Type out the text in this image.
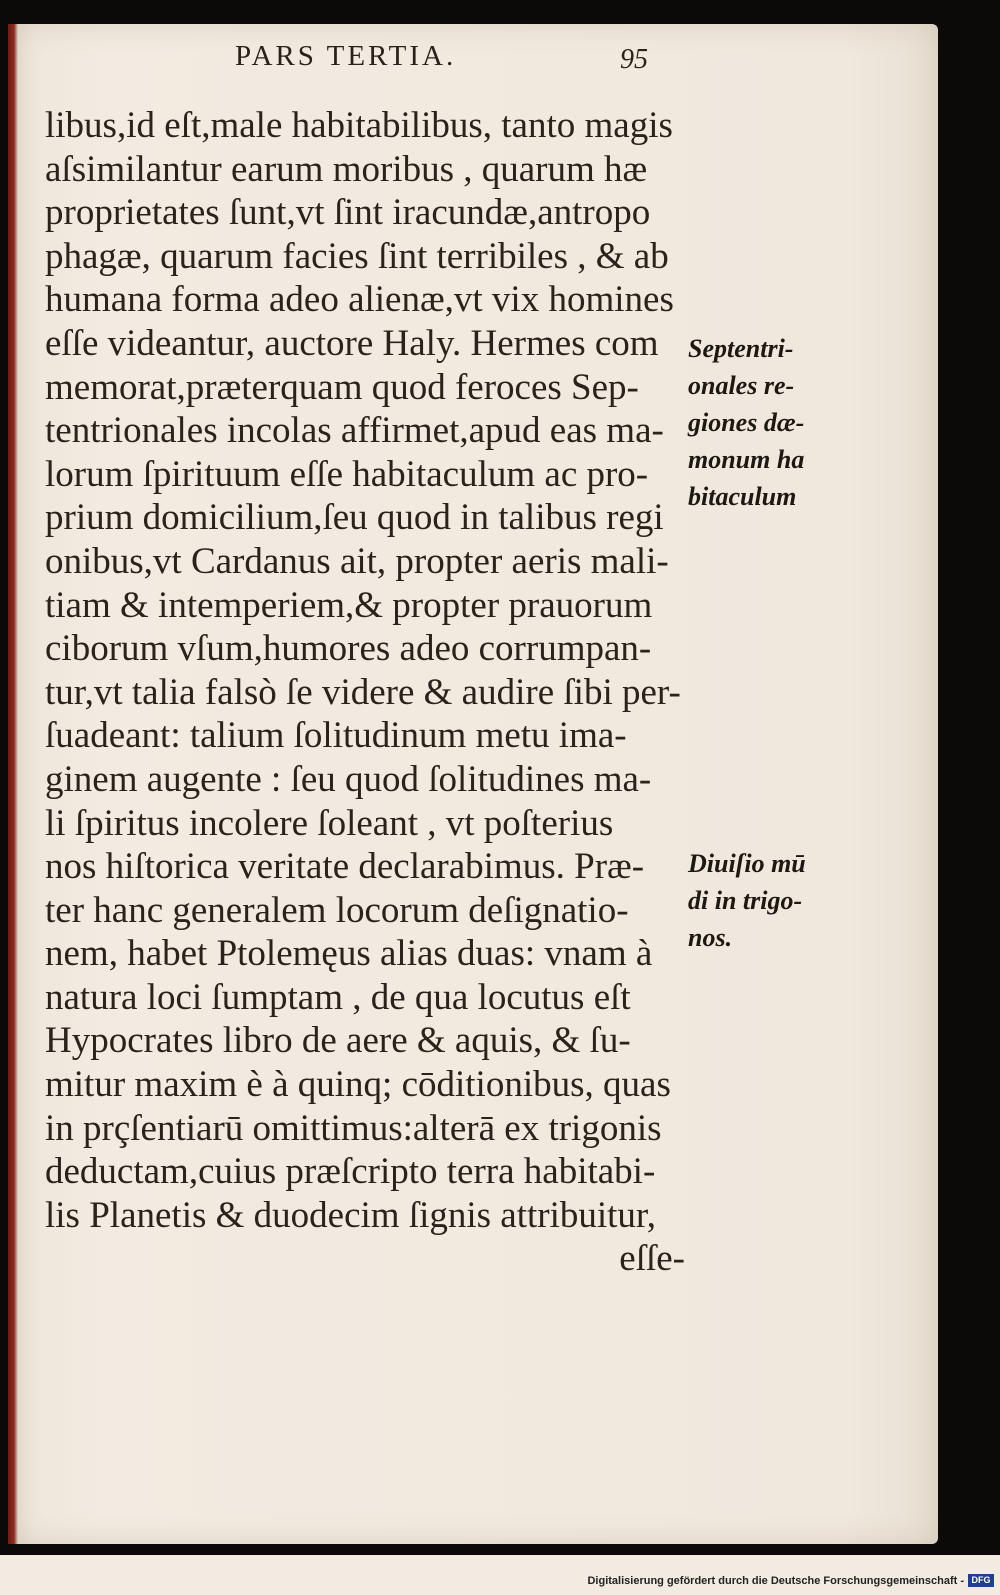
PARS TERTIA.	95
libus,id eſt,male habitabilibus, tanto magis
aſsimilantur earum moribus , quarum hæ
proprietates ſunt,vt ſint iracundæ,antropo
phagæ, quarum facies ſint terribiles , & ab
humana forma adeo alienæ,vt vix homines
eſſe videantur, auctore Haly. Hermes com
memorat,præterquam quod feroces Sep-
tentrionales incolas affirmet,apud eas ma-
lorum ſpirituum eſſe habitaculum ac pro-
prium domicilium,ſeu quod in talibus regi
onibus,vt Cardanus ait, propter aeris mali-
tiam & intemperiem,& propter prauorum
ciborum vſum,humores adeo corrumpan-
tur,vt talia falsò ſe videre & audire ſibi per-
ſuadeant: talium ſolitudinum metu ima-
ginem augente : ſeu quod ſolitudines ma-
li ſpiritus incolere ſoleant , vt poſterius
nos hiſtorica veritate declarabimus. Præ-
ter hanc generalem locorum deſignatio-
nem, habet Ptolemęus alias duas: vnam à
natura loci ſumptam , de qua locutus eſt
Hypocrates libro de aere & aquis, & ſu-
mitur maxim è à quinq; cōditionibus, quas
in prçſentiarū omittimus:alterā ex trigonis
deductam,cuius præſcripto terra habitabi-
lis Planetis & duodecim ſignis attribuitur,
eſſe-
Septentri-
onales re-
giones dæ-
monum ha
bitaculum
Diuiſio mū
di in trigo-
nos.
Digitalisierung gefördert durch die Deutsche Forschungsgemeinschaft - DFG
